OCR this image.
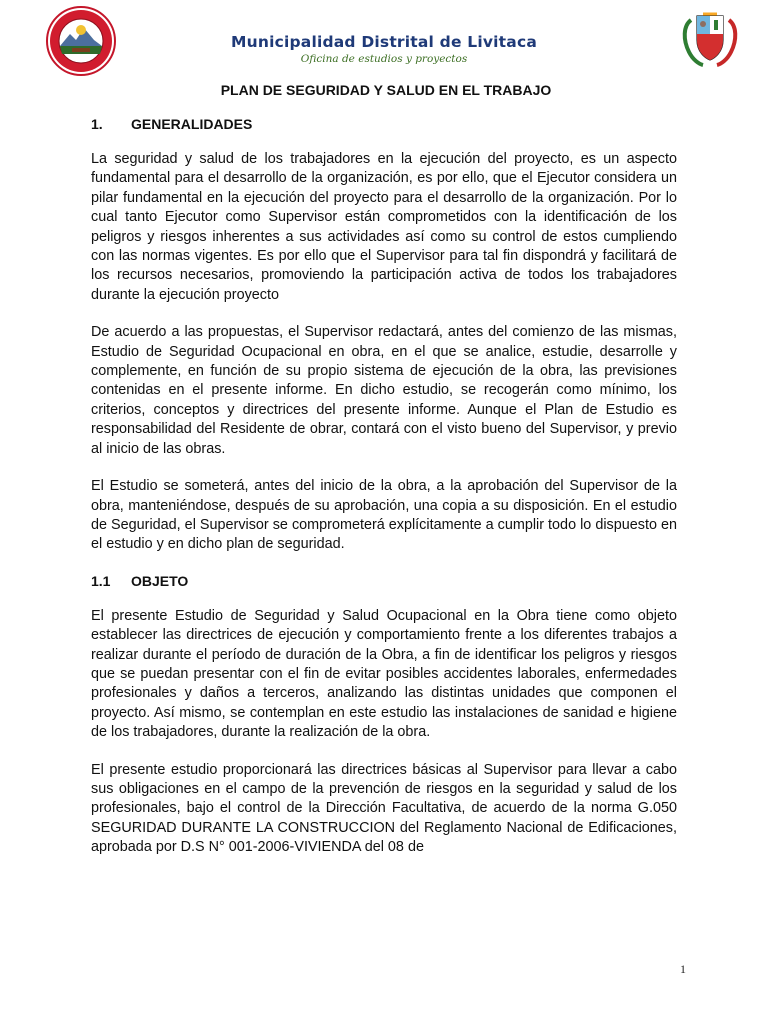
Municipalidad Distrital de Livitaca
Oficina de estudios y proyectos
PLAN DE SEGURIDAD Y SALUD EN EL TRABAJO
1. GENERALIDADES

La seguridad y salud de los trabajadores en la ejecución del proyecto, es un aspecto fundamental para el desarrollo de la organización, es por ello, que el Ejecutor considera un pilar fundamental en la ejecución del proyecto para el desarrollo de la organización. Por lo cual tanto Ejecutor como Supervisor están comprometidos con la identificación de los peligros y riesgos inherentes a sus actividades así como su control de estos cumpliendo con las normas vigentes. Es por ello que el Supervisor para tal fin dispondrá y facilitará de los recursos necesarios, promoviendo la participación activa de todos los trabajadores durante la ejecución proyecto

De acuerdo a las propuestas, el Supervisor redactará, antes del comienzo de las mismas, Estudio de Seguridad Ocupacional en obra, en el que se analice, estudie, desarrolle y complemente, en función de su propio sistema de ejecución de la obra, las previsiones contenidas en el presente informe. En dicho estudio, se recogerán como mínimo, los criterios, conceptos y directrices del presente informe. Aunque el Plan de Estudio es responsabilidad del Residente de obrar, contará con el visto bueno del Supervisor, y previo al inicio de las obras.

El Estudio se someterá, antes del inicio de la obra, a la aprobación del Supervisor de la obra, manteniéndose, después de su aprobación, una copia a su disposición. En el estudio de Seguridad, el Supervisor se comprometerá explícitamente a cumplir todo lo dispuesto en el estudio y en dicho plan de seguridad.

1.1 OBJETO

El presente Estudio de Seguridad y Salud Ocupacional en la Obra tiene como objeto establecer las directrices de ejecución y comportamiento frente a los diferentes trabajos a realizar durante el período de duración de la Obra, a fin de identificar los peligros y riesgos que se puedan presentar con el fin de evitar posibles accidentes laborales, enfermedades profesionales y daños a terceros, analizando las distintas unidades que componen el proyecto. Así mismo, se contemplan en este estudio las instalaciones de sanidad e higiene de los trabajadores, durante la realización de la obra.

El presente estudio proporcionará las directrices básicas al Supervisor para llevar a cabo sus obligaciones en el campo de la prevención de riesgos en la seguridad y salud de los profesionales, bajo el control de la Dirección Facultativa, de acuerdo de la norma G.050 SEGURIDAD DURANTE LA CONSTRUCCION del Reglamento Nacional de Edificaciones, aprobada por D.S N° 001-2006-VIVIENDA del 08 de

1
